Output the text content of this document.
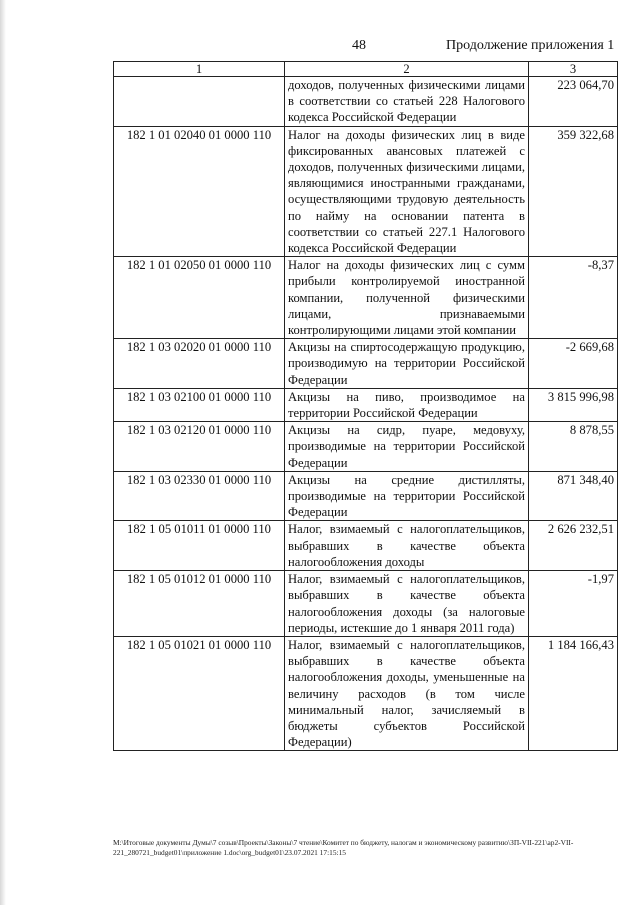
48	Продолжение приложения 1
1	2	3
	доходов, полученных физическими лицами в соответствии со статьей 228 Налогового кодекса Российской Федерации	223 064,70
182 1 01 02040 01 0000 110	Налог на доходы физических лиц в виде фиксированных авансовых платежей с доходов, полученных физическими лицами, являющимися иностранными гражданами, осуществляющими трудовую деятельность по найму на основании патента в соответствии со статьей 227.1 Налогового кодекса Российской Федерации	359 322,68
182 1 01 02050 01 0000 110	Налог на доходы физических лиц с сумм прибыли контролируемой иностранной компании, полученной физическими лицами, признаваемыми контролирующими лицами этой компании	-8,37
182 1 03 02020 01 0000 110	Акцизы на спиртосодержащую продукцию, производимую на территории Российской Федерации	-2 669,68
182 1 03 02100 01 0000 110	Акцизы на пиво, производимое на территории Российской Федерации	3 815 996,98
182 1 03 02120 01 0000 110	Акцизы на сидр, пуаре, медовуху, производимые на территории Российской Федерации	8 878,55
182 1 03 02330 01 0000 110	Акцизы на средние дистилляты, производимые на территории Российской Федерации	871 348,40
182 1 05 01011 01 0000 110	Налог, взимаемый с налогоплательщиков, выбравших в качестве объекта налогообложения доходы	2 626 232,51
182 1 05 01012 01 0000 110	Налог, взимаемый с налогоплательщиков, выбравших в качестве объекта налогообложения доходы (за налоговые периоды, истекшие до 1 января 2011 года)	-1,97
182 1 05 01021 01 0000 110	Налог, взимаемый с налогоплательщиков, выбравших в качестве объекта налогообложения доходы, уменьшенные на величину расходов (в том числе минимальный налог, зачисляемый в бюджеты субъектов Российской Федерации)	1 184 166,43
M:\Итоговые документы Думы\7 созыв\Проекты\Законы\7 чтение\Комитет по бюджету, налогам и экономическому развитию\ЗП-VII-221\ap2-VII-221_280721_budget01\приложение 1.doc\org_budget01\23.07.2021 17:15:15
